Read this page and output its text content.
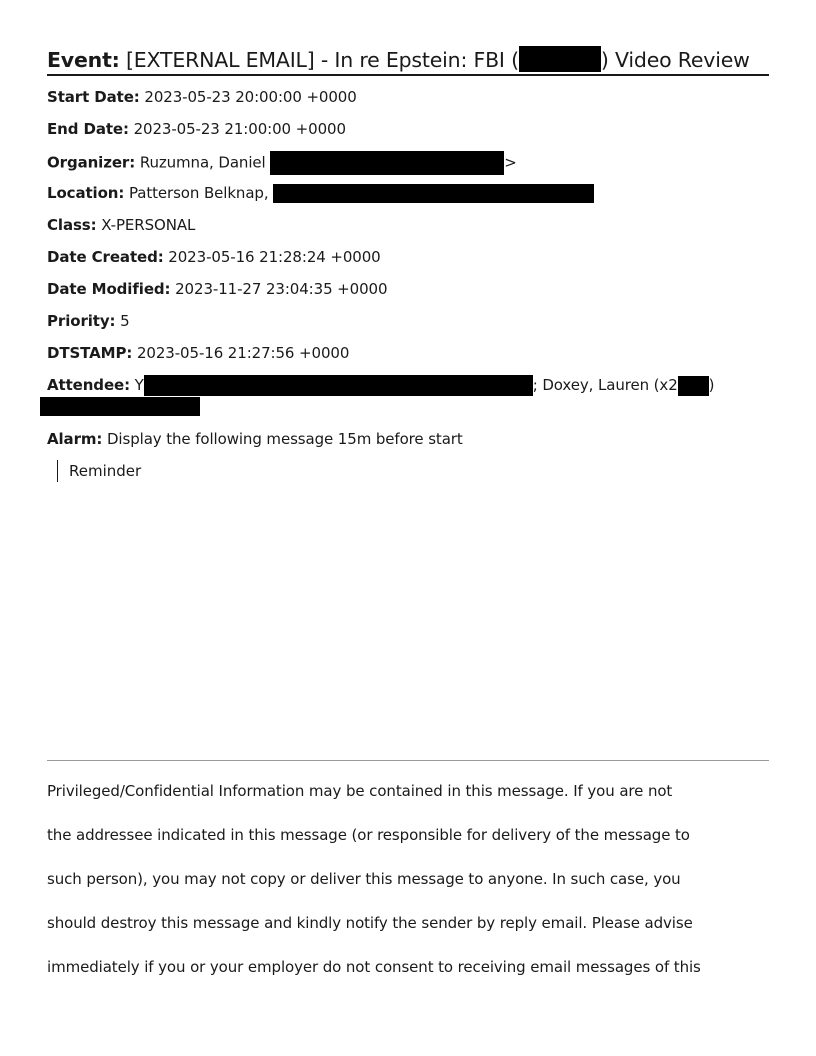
Event: [EXTERNAL EMAIL] - In re Epstein: FBI (	) Video Review
Start Date: 2023-05-23 20:00:00 +0000
End Date: 2023-05-23 21:00:00 +0000
Organizer: Ruzumna, Daniel	>
Location: Patterson Belknap,
Class: X-PERSONAL
Date Created: 2023-05-16 21:28:24 +0000
Date Modified: 2023-11-27 23:04:35 +0000
Priority: 5
DTSTAMP: 2023-05-16 21:27:56 +0000
Attendee: Y	; Doxey, Lauren (x2 )
Alarm: Display the following message 15m before start
Reminder
Privileged/Confidential Information may be contained in this message. If you are not
the addressee indicated in this message (or responsible for delivery of the message to
such person), you may not copy or deliver this message to anyone. In such case, you
should destroy this message and kindly notify the sender by reply email. Please advise
immediately if you or your employer do not consent to receiving email messages of this
